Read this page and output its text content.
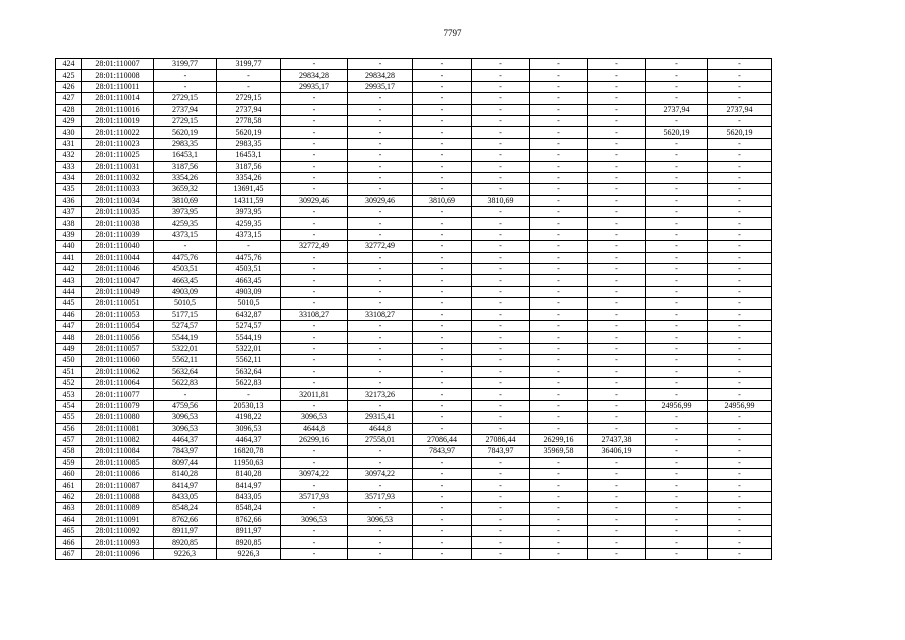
7797
424	28:01:110007	3199,77	3199,77	-	-	-	-	-	-	-	-
425	28:01:110008	-	-	29834,28	29834,28	-	-	-	-	-	-
426	28:01:110011	-	-	29935,17	29935,17	-	-	-	-	-	-
427	28:01:110014	2729,15	2729,15	-	-	-	-	-	-	-	-
428	28:01:110016	2737,94	2737,94	-	-	-	-	-	-	2737,94	2737,94
429	28:01:110019	2729,15	2778,58	-	-	-	-	-	-	-	-
430	28:01:110022	5620,19	5620,19	-	-	-	-	-	-	5620,19	5620,19
431	28:01:110023	2983,35	2983,35	-	-	-	-	-	-	-	-
432	28:01:110025	16453,1	16453,1	-	-	-	-	-	-	-	-
433	28:01:110031	3187,56	3187,56	-	-	-	-	-	-	-	-
434	28:01:110032	3354,26	3354,26	-	-	-	-	-	-	-	-
435	28:01:110033	3659,32	13691,45	-	-	-	-	-	-	-	-
436	28:01:110034	3810,69	14311,59	30929,46	30929,46	3810,69	3810,69	-	-	-	-
437	28:01:110035	3973,95	3973,95	-	-	-	-	-	-	-	-
438	28:01:110038	4259,35	4259,35	-	-	-	-	-	-	-	-
439	28:01:110039	4373,15	4373,15	-	-	-	-	-	-	-	-
440	28:01:110040	-	-	32772,49	32772,49	-	-	-	-	-	-
441	28:01:110044	4475,76	4475,76	-	-	-	-	-	-	-	-
442	28:01:110046	4503,51	4503,51	-	-	-	-	-	-	-	-
443	28:01:110047	4663,45	4663,45	-	-	-	-	-	-	-	-
444	28:01:110049	4903,09	4903,09	-	-	-	-	-	-	-	-
445	28:01:110051	5010,5	5010,5	-	-	-	-	-	-	-	-
446	28:01:110053	5177,15	6432,87	33108,27	33108,27	-	-	-	-	-	-
447	28:01:110054	5274,57	5274,57	-	-	-	-	-	-	-	-
448	28:01:110056	5544,19	5544,19	-	-	-	-	-	-	-	-
449	28:01:110057	5322,01	5322,01	-	-	-	-	-	-	-	-
450	28:01:110060	5562,11	5562,11	-	-	-	-	-	-	-	-
451	28:01:110062	5632,64	5632,64	-	-	-	-	-	-	-	-
452	28:01:110064	5622,83	5622,83	-	-	-	-	-	-	-	-
453	28:01:110077	-	-	32011,81	32173,26	-	-	-	-	-	-
454	28:01:110079	4759,56	20530,13	-	-	-	-	-	-	24956,99	24956,99
455	28:01:110080	3096,53	4198,22	3096,53	29315,41	-	-	-	-	-	-
456	28:01:110081	3096,53	3096,53	4644,8	4644,8	-	-	-	-	-	-
457	28:01:110082	4464,37	4464,37	26299,16	27558,01	27086,44	27086,44	26299,16	27437,38	-	-
458	28:01:110084	7843,97	16820,78	-	-	7843,97	7843,97	35969,58	36406,19	-	-
459	28:01:110085	8097,44	11950,63	-	-	-	-	-	-	-	-
460	28:01:110086	8140,28	8140,28	30974,22	30974,22	-	-	-	-	-	-
461	28:01:110087	8414,97	8414,97	-	-	-	-	-	-	-	-
462	28:01:110088	8433,05	8433,05	35717,93	35717,93	-	-	-	-	-	-
463	28:01:110089	8548,24	8548,24	-	-	-	-	-	-	-	-
464	28:01:110091	8762,66	8762,66	3096,53	3096,53	-	-	-	-	-	-
465	28:01:110092	8911,97	8911,97	-	-	-	-	-	-	-	-
466	28:01:110093	8920,85	8920,85	-	-	-	-	-	-	-	-
467	28:01:110096	9226,3	9226,3	-	-	-	-	-	-	-	-
